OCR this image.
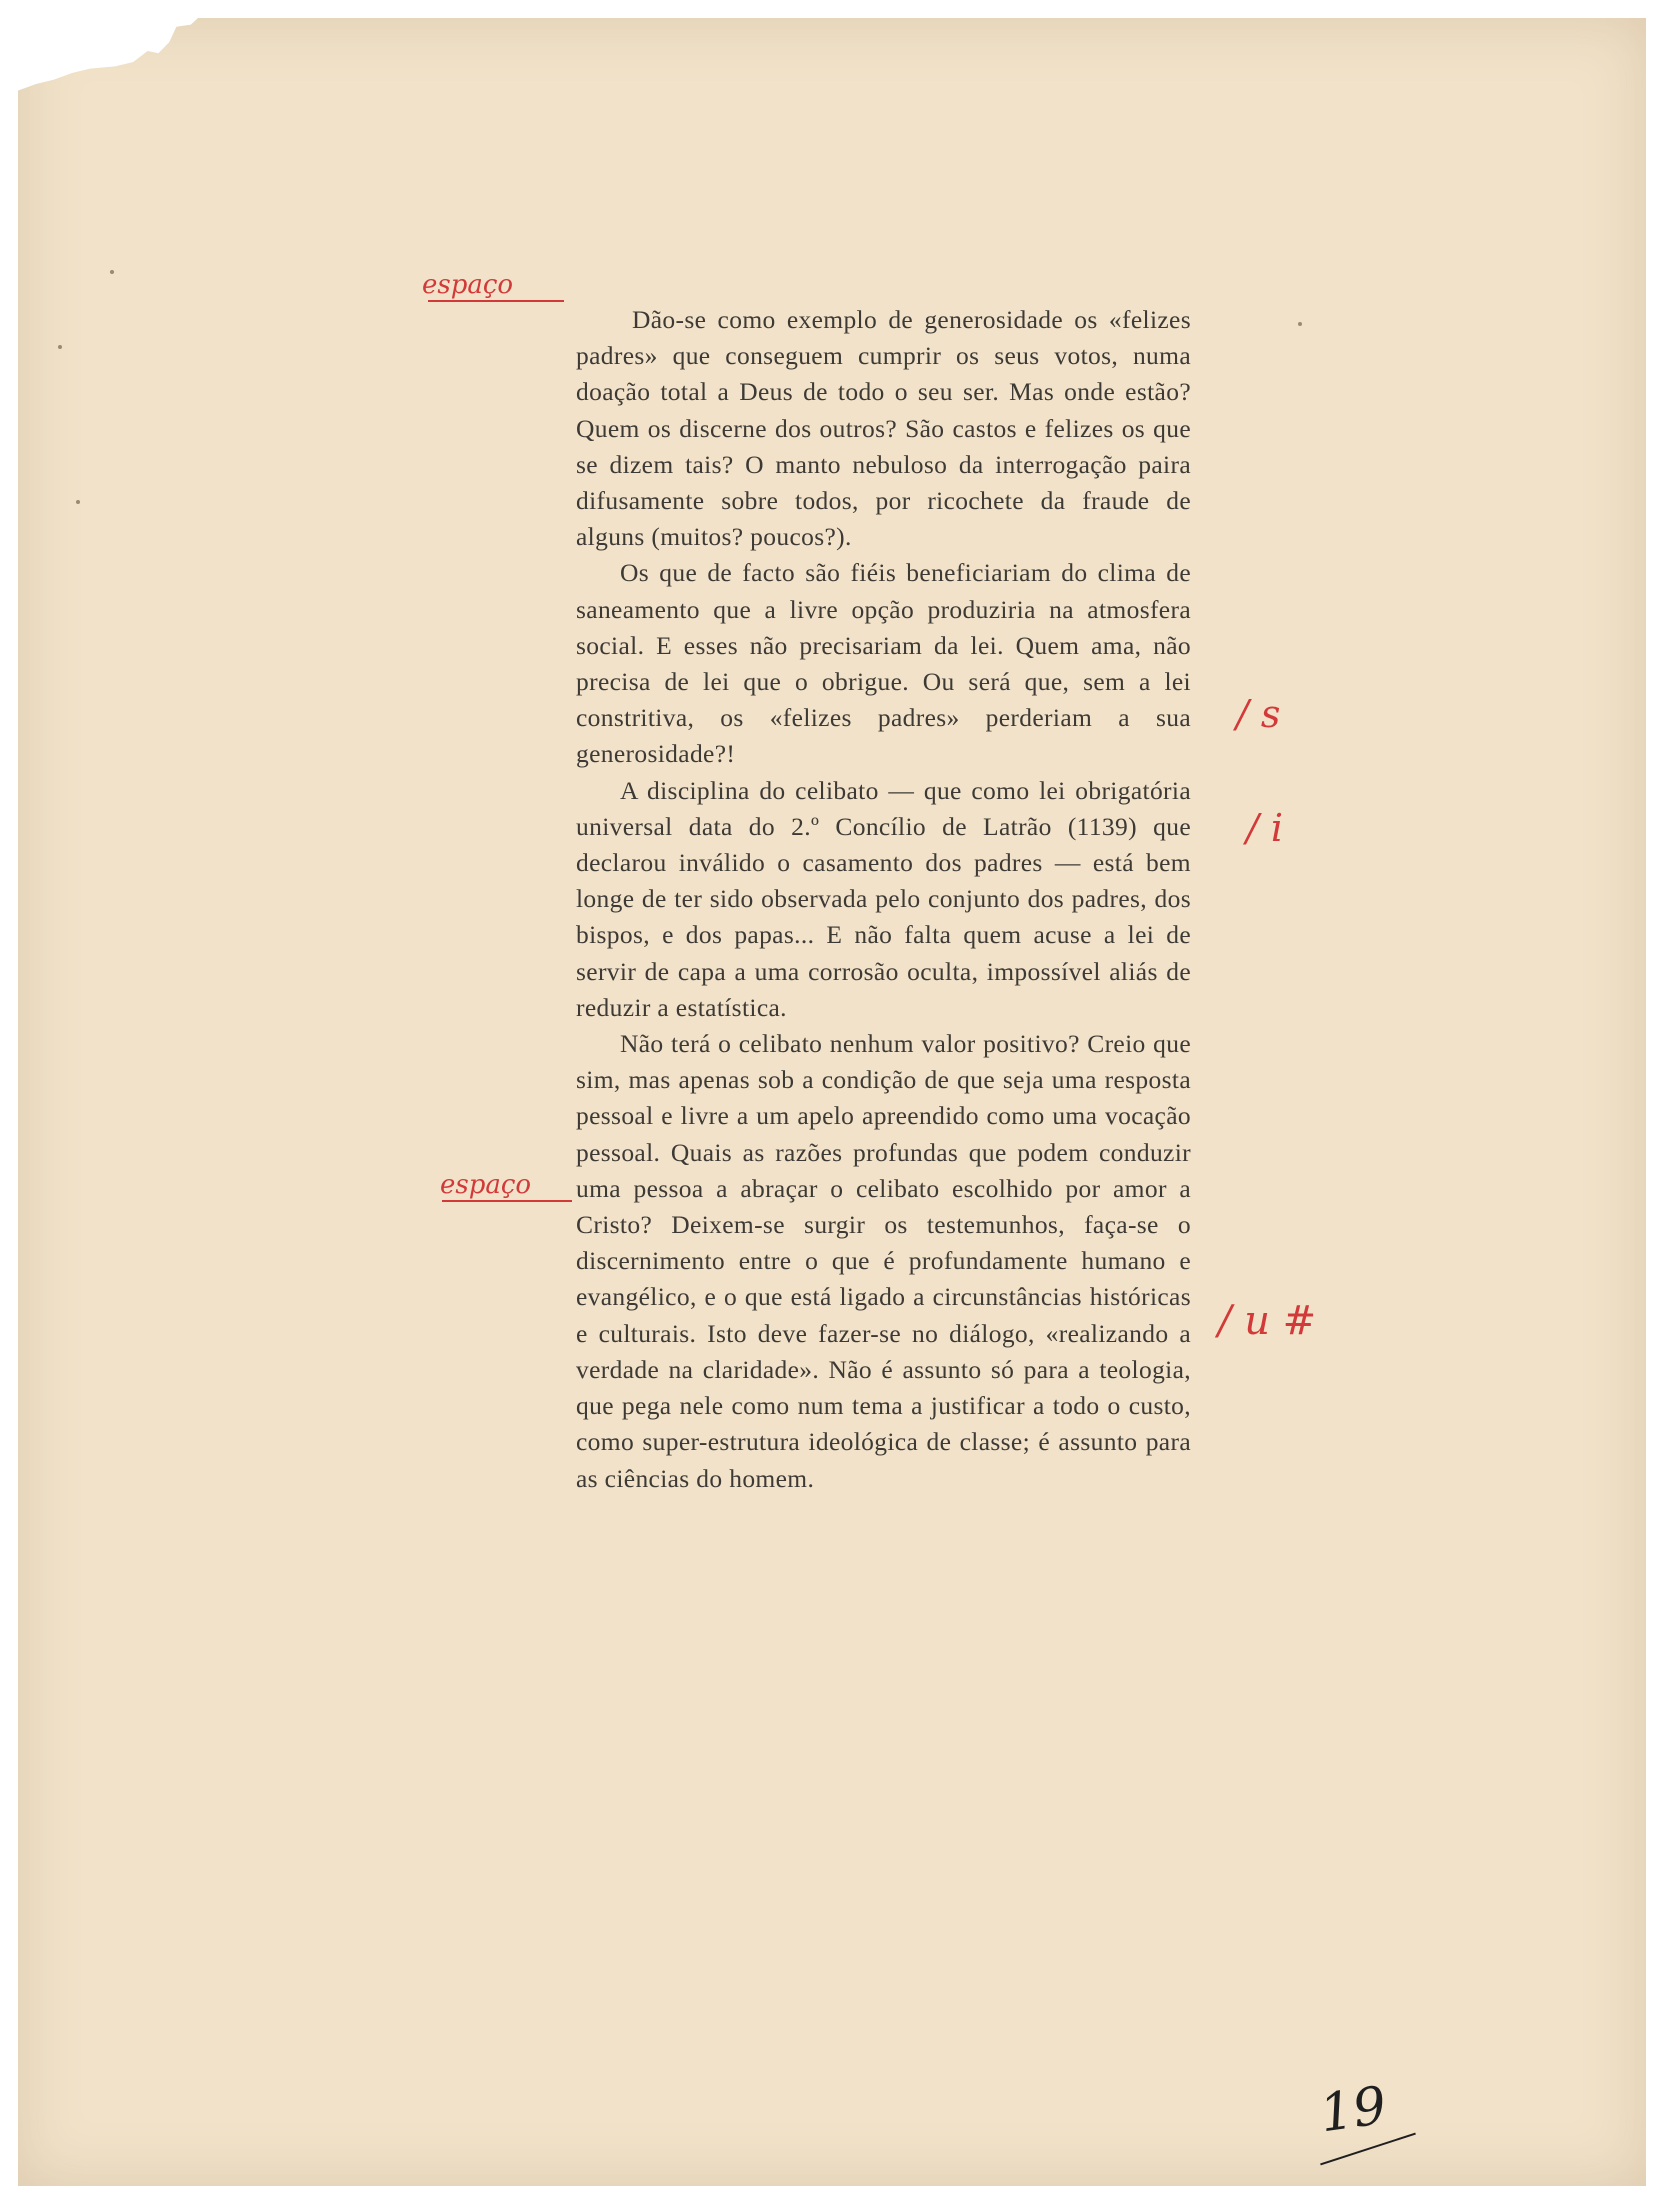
espaço

Dão-se como exemplo de generosidade os «felizes padres» que conseguem cumprir os seus votos, numa doação total a Deus de todo o seu ser. Mas onde estão? Quem os discerne dos outros? São castos e felizes os que se dizem tais? O manto nebuloso da interrogação paira difusamente sobre todos, por ricochete da fraude de alguns (muitos? poucos?).

Os que de facto são fiéis beneficiariam do clima de saneamento que a livre opção produziria na atmosfera social. E esses não precisariam da lei. Quem ama, não precisa de lei que o obrigue. Ou será que, sem a lei constritiva, os «felizes padres» perderiam a sua generosidade?!

A disciplina do celibato — que como lei obrigatória universal data do 2.º Concílio de Latrão (1139) que declarou inválido o casamento dos padres — está bem longe de ter sido observada pelo conjunto dos padres, dos bispos, e dos papas... E não falta quem acuse a lei de servir de capa a uma corrosão oculta, impossível aliás de reduzir a estatística.

Não terá o celibato nenhum valor positivo? Creio que sim, mas apenas sob a condição de que seja uma resposta pessoal e livre a um apelo apreendido como uma vocação pessoal. Quais as razões profundas que podem conduzir uma pessoa a abraçar o celibato escolhido por amor a Cristo? Deixem-se surgir os testemunhos, faça-se o discernimento entre o que é profundamente humano e evangélico, e o que está ligado a circunstâncias históricas e culturais. Isto deve fazer-se no diálogo, «realizando a verdade na claridade». Não é assunto só para a teologia, que pega nele como num tema a justificar a todo o custo, como super-estrutura ideológica de classe; é assunto para as ciências do homem.

espaço
/ s
/ i
/ u #
19
